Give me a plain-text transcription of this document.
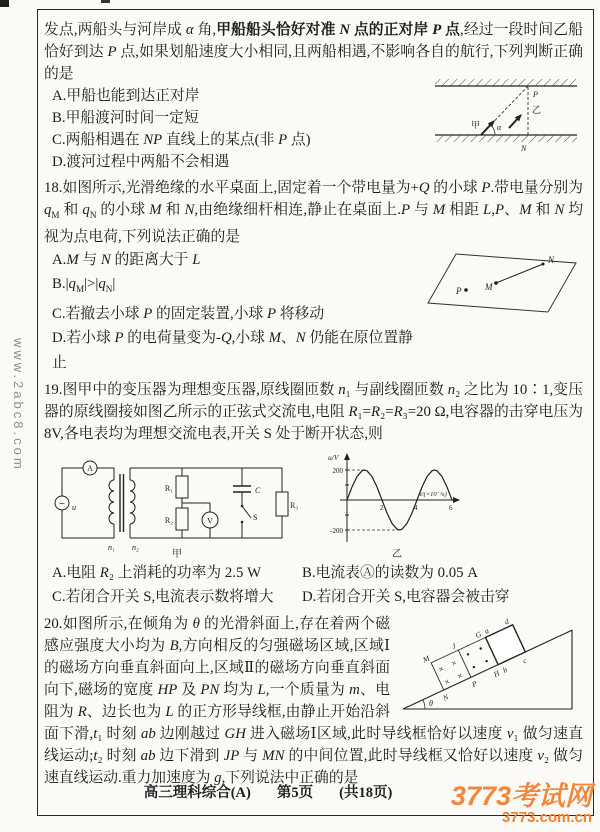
www.2abc8.com

发点,两船头与河岸成 α 角,甲船船头恰好对准 N 点的正对岸 P 点,经过一段时间乙船恰好到达 P 点,如果划船速度大小相同,且两船相遇,不影响各自的航行,下列判断正确的是

A.甲船也能到达正对岸
B.甲船渡河时间一定短
C.两船相遇在 NP 直线上的某点(非 P 点)
D.渡河过程中两船不会相遇
甲
乙
α
N
P

18.如图所示,光滑绝缘的水平桌面上,固定着一个带电量为+Q 的小球 P.带电量分别为 $q_M$ 和 $q_N$ 的小球 M 和 N,由绝缘细杆相连,静止在桌面上.P 与 M 相距 L,P、M 和 N 均视为点电荷,下列说法正确的是

A.M 与 N 的距离大于 L
$B.|q_M|>|q_N|$
C.若撤去小球 P 的固定装置,小球 P 将移动
D.若小球 P 的电荷量变为-Q,小球 M、N 仍能在原位置静止
P	M
N

19.图甲中的变压器为理想变压器,原线圈匝数 n₁ 与副线圈匝数 n₂ 之比为 10∶1,变压器的原线圈接如图乙所示的正弦式交流电,电阻 R₁=R₂=R₃=20 Ω,电容器的击穿电压为 8V,各电表均为理想交流电表,开关 S 处于断开状态,则

∼
A
u
n₁ n₂
R₁
R₂	V
C
S
R₃
甲
u/V
t/(×10⁻²s)
200
-200
2	4	6
乙
A.电阻 R₂ 上消耗的功率为 2.5 W	B.电流表Ⓐ的读数为 0.05 A
C.若闭合开关 S,电流表示数将增大	D.若闭合开关 S,电容器会被击穿

θ
×
×
×
×
M
J
G a
d
N
P
H b
c
20.如图所示,在倾角为 θ 的光滑斜面上,存在着两个磁感应强度大小均为 B,方向相反的匀强磁场区域,区域Ⅰ的磁场方向垂直斜面向上,区域Ⅱ的磁场方向垂直斜面向下,磁场的宽度 HP 及 PN 均为 L,一个质量为 m、电阻为 R、边长也为 L 的正方形导线框,由静止开始沿斜面下滑,t₁ 时刻 ab 边刚越过 GH 进入磁场Ⅰ区域,此时导线框恰好以速度 v₁ 做匀速直线运动;t₂ 时刻 ab 边下滑到 JP 与 MN 的中间位置,此时导线框又恰好以速度 v₂ 做匀速直线运动.重力加速度为 g,下列说法中正确的是

高三理科综合(A) 第5页 (共18页) 3773考试网
3773.com.cn
